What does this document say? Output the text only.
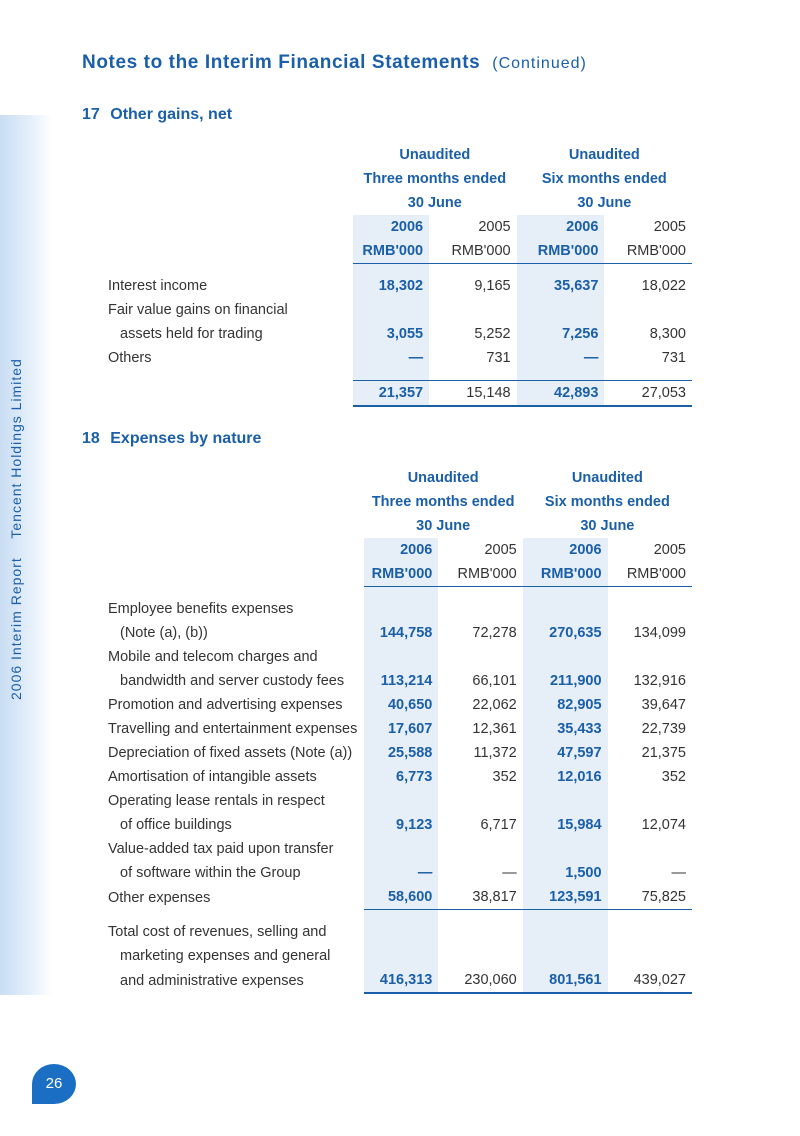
2006 Interim Report Tencent Holdings Limited
Notes to the Interim Financial Statements (Continued)
17 Other gains, net
	Unaudited		Unaudited	
	Three months ended		Six months ended	
	30 June		30 June	
	2006	2005	2006	2005
	RMB'000	RMB'000	RMB'000	RMB'000

Interest income	18,302	9,165	35,637	18,022
Fair value gains on financial				
assets held for trading	3,055	5,252	7,256	8,300
Others	—	731	—	731

	21,357	15,148	42,893	27,053
18 Expenses by nature
	Unaudited		Unaudited	
	Three months ended		Six months ended	
	30 June		30 June	
	2006	2005	2006	2005
	RMB'000	RMB'000	RMB'000	RMB'000

Employee benefits expenses				
(Note (a), (b))	144,758	72,278	270,635	134,099
Mobile and telecom charges and				
bandwidth and server custody fees	113,214	66,101	211,900	132,916
Promotion and advertising expenses	40,650	22,062	82,905	39,647
Travelling and entertainment expenses	17,607	12,361	35,433	22,739
Depreciation of fixed assets (Note (a))	25,588	11,372	47,597	21,375
Amortisation of intangible assets	6,773	352	12,016	352
Operating lease rentals in respect				
of office buildings	9,123	6,717	15,984	12,074
Value-added tax paid upon transfer				
of software within the Group	—	—	1,500	—
Other expenses	58,600	38,817	123,591	75,825

Total cost of revenues, selling and				
marketing expenses and general				
and administrative expenses	416,313	230,060	801,561	439,027
26
